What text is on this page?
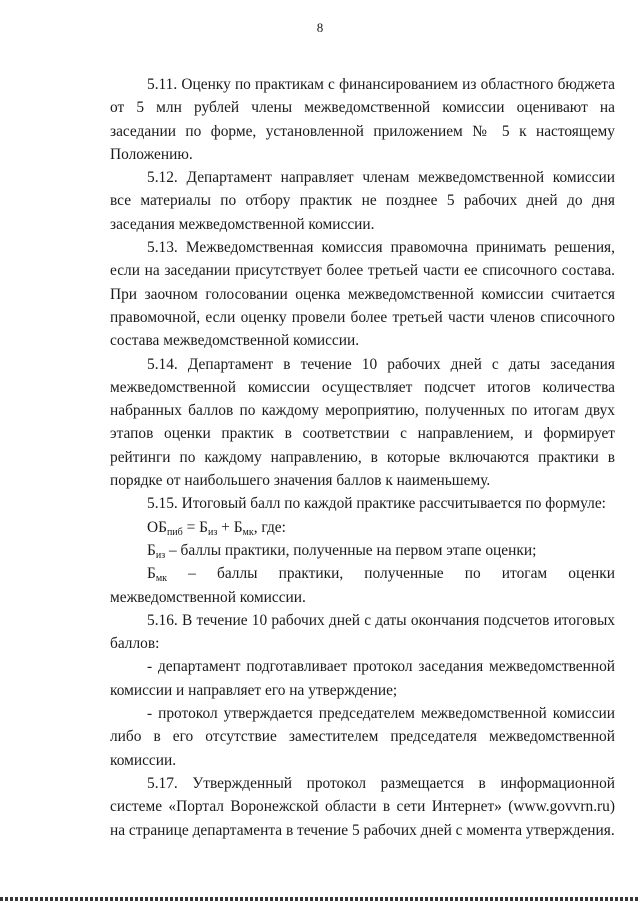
8

5.11. Оценку по практикам с финансированием из областного бюджета от 5 млн рублей члены межведомственной комиссии оценивают на заседании по форме, установленной приложением № 5 к настоящему Положению.

5.12. Департамент направляет членам межведомственной комиссии все материалы по отбору практик не позднее 5 рабочих дней до дня заседания межведомственной комиссии.

5.13. Межведомственная комиссия правомочна принимать решения, если на заседании присутствует более третьей части ее списочного состава. При заочном голосовании оценка межведомственной комиссии считается правомочной, если оценку провели более третьей части членов списочного состава межведомственной комиссии.

5.14. Департамент в течение 10 рабочих дней с даты заседания межведомственной комиссии осуществляет подсчет итогов количества набранных баллов по каждому мероприятию, полученных по итогам двух этапов оценки практик в соответствии с направлением, и формирует рейтинги по каждому направлению, в которые включаются практики в порядке от наибольшего значения баллов к наименьшему.

5.15. Итоговый балл по каждой практике рассчитывается по формуле:

$ОБ_{пиб} = Б_{из} + Б_{мк}$, где:

$Б_{из}$ – баллы практики, полученные на первом этапе оценки;

$Б_{мк}$ – баллы практики, полученные по итогам оценки межведомственной комиссии.

5.16. В течение 10 рабочих дней с даты окончания подсчетов итоговых баллов:

- департамент подготавливает протокол заседания межведомственной комиссии и направляет его на утверждение;

- протокол утверждается председателем межведомственной комиссии либо в его отсутствие заместителем председателя межведомственной комиссии.

5.17. Утвержденный протокол размещается в информационной системе «Портал Воронежской области в сети Интернет» (www.govvrn.ru) на странице департамента в течение 5 рабочих дней с момента утверждения.
